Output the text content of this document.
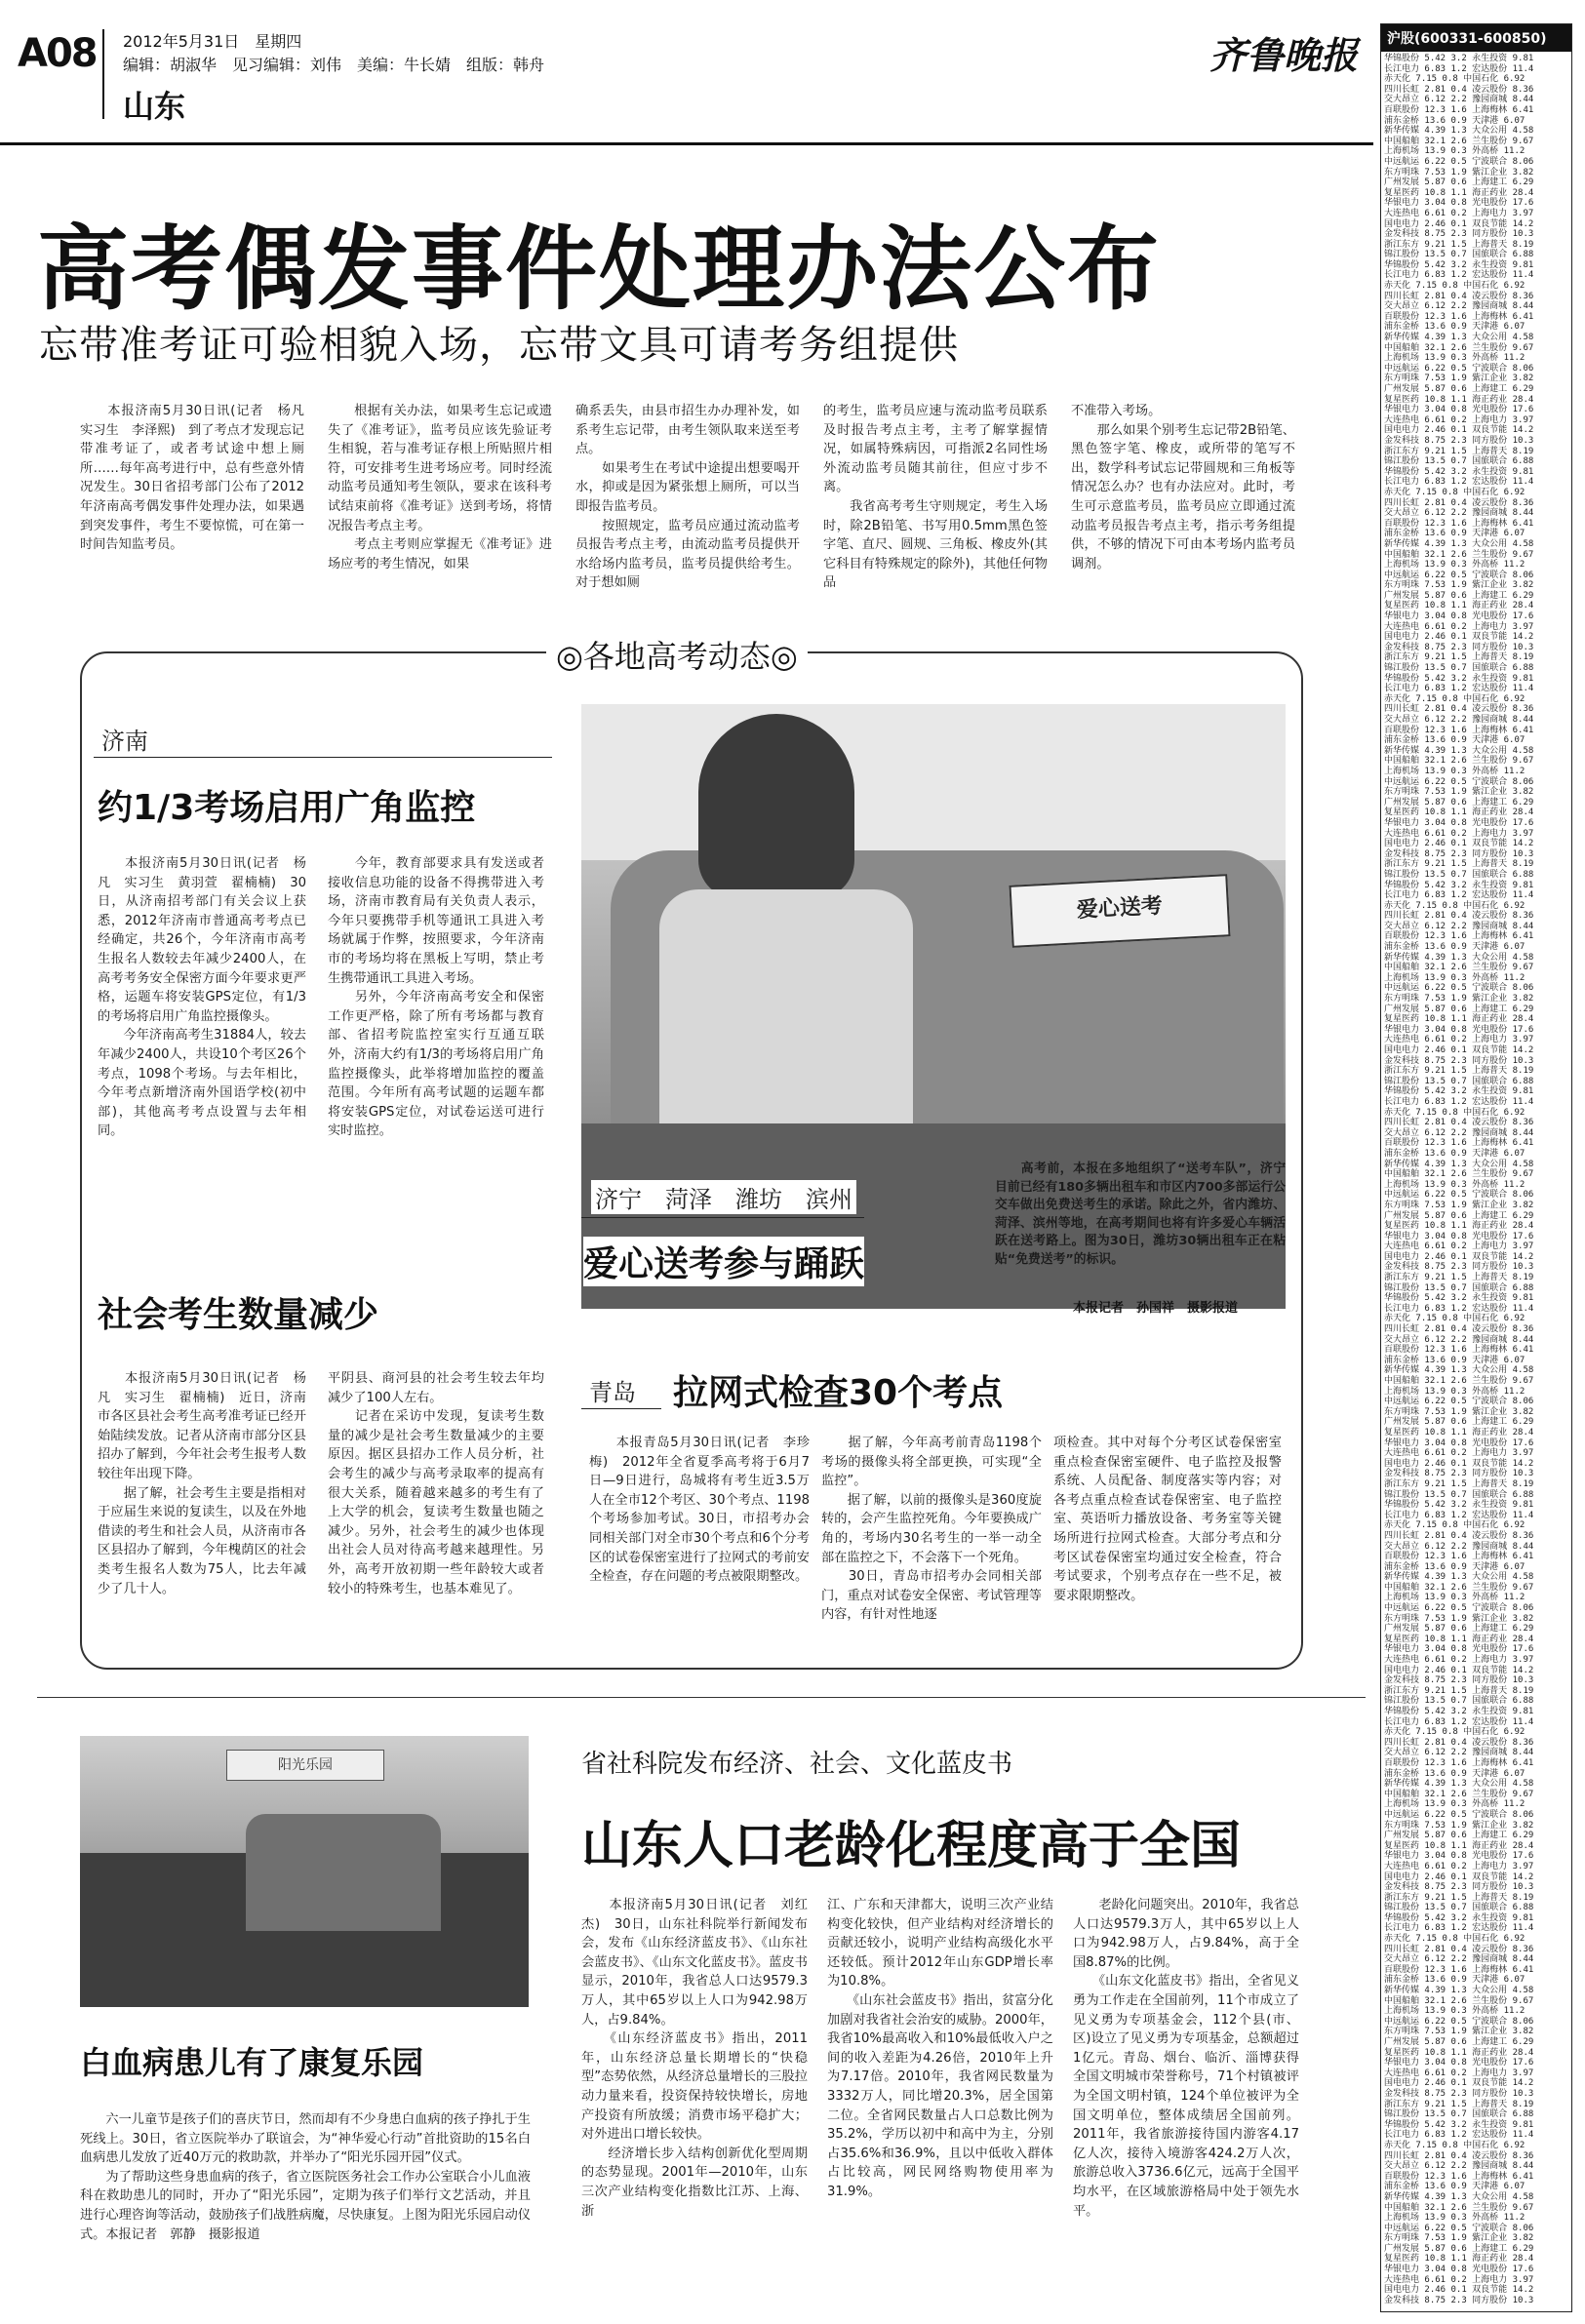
A08 2012年5月31日　星期四
编辑：胡淑华　见习编辑：刘伟　美编：牛长婧　组版：韩舟
山东
齐鲁晚报	沪股(600331-600850)
华锦股份 5.42 3.2 永生投资 9.81
长江电力 6.83 1.2 宏达股份 11.4
赤天化 7.15 0.8 中国石化 6.92
四川长虹 2.81 0.4 凌云股份 8.36
交大昂立 6.12 2.2 豫园商城 8.44
百联股份 12.3 1.6 上海梅林 6.41
浦东金桥 13.6 0.9 天津港 6.07
新华传媒 4.39 1.3 大众公用 4.58
中国船舶 32.1 2.6 兰生股份 9.67
上海机场 13.9 0.3 外高桥 11.2
中远航运 6.22 0.5 宁波联合 8.06
东方明珠 7.53 1.9 紫江企业 3.82
广州发展 5.87 0.6 上海建工 6.29
复星医药 10.8 1.1 海正药业 28.4
华银电力 3.04 0.8 光电股份 17.6
大连热电 6.61 0.2 上海电力 3.97
国电电力 2.46 0.1 双良节能 14.2
金发科技 8.75 2.3 同方股份 10.3
浙江东方 9.21 1.5 上海普天 8.19
锦江股份 13.5 0.7 国旅联合 6.88
华锦股份 5.42 3.2 永生投资 9.81
长江电力 6.83 1.2 宏达股份 11.4
赤天化 7.15 0.8 中国石化 6.92
四川长虹 2.81 0.4 凌云股份 8.36
交大昂立 6.12 2.2 豫园商城 8.44
百联股份 12.3 1.6 上海梅林 6.41
浦东金桥 13.6 0.9 天津港 6.07
新华传媒 4.39 1.3 大众公用 4.58
中国船舶 32.1 2.6 兰生股份 9.67
上海机场 13.9 0.3 外高桥 11.2
中远航运 6.22 0.5 宁波联合 8.06
东方明珠 7.53 1.9 紫江企业 3.82
广州发展 5.87 0.6 上海建工 6.29
复星医药 10.8 1.1 海正药业 28.4
华银电力 3.04 0.8 光电股份 17.6
大连热电 6.61 0.2 上海电力 3.97
国电电力 2.46 0.1 双良节能 14.2
金发科技 8.75 2.3 同方股份 10.3
浙江东方 9.21 1.5 上海普天 8.19
锦江股份 13.5 0.7 国旅联合 6.88
华锦股份 5.42 3.2 永生投资 9.81
长江电力 6.83 1.2 宏达股份 11.4
赤天化 7.15 0.8 中国石化 6.92
四川长虹 2.81 0.4 凌云股份 8.36
交大昂立 6.12 2.2 豫园商城 8.44
百联股份 12.3 1.6 上海梅林 6.41
浦东金桥 13.6 0.9 天津港 6.07
新华传媒 4.39 1.3 大众公用 4.58
中国船舶 32.1 2.6 兰生股份 9.67
上海机场 13.9 0.3 外高桥 11.2
中远航运 6.22 0.5 宁波联合 8.06
东方明珠 7.53 1.9 紫江企业 3.82
广州发展 5.87 0.6 上海建工 6.29
复星医药 10.8 1.1 海正药业 28.4
华银电力 3.04 0.8 光电股份 17.6
大连热电 6.61 0.2 上海电力 3.97
国电电力 2.46 0.1 双良节能 14.2
金发科技 8.75 2.3 同方股份 10.3
浙江东方 9.21 1.5 上海普天 8.19
锦江股份 13.5 0.7 国旅联合 6.88
华锦股份 5.42 3.2 永生投资 9.81
长江电力 6.83 1.2 宏达股份 11.4
赤天化 7.15 0.8 中国石化 6.92
四川长虹 2.81 0.4 凌云股份 8.36
交大昂立 6.12 2.2 豫园商城 8.44
百联股份 12.3 1.6 上海梅林 6.41
浦东金桥 13.6 0.9 天津港 6.07
新华传媒 4.39 1.3 大众公用 4.58
中国船舶 32.1 2.6 兰生股份 9.67
上海机场 13.9 0.3 外高桥 11.2
中远航运 6.22 0.5 宁波联合 8.06
东方明珠 7.53 1.9 紫江企业 3.82
广州发展 5.87 0.6 上海建工 6.29
复星医药 10.8 1.1 海正药业 28.4
华银电力 3.04 0.8 光电股份 17.6
大连热电 6.61 0.2 上海电力 3.97
国电电力 2.46 0.1 双良节能 14.2
金发科技 8.75 2.3 同方股份 10.3
浙江东方 9.21 1.5 上海普天 8.19
锦江股份 13.5 0.7 国旅联合 6.88
华锦股份 5.42 3.2 永生投资 9.81
长江电力 6.83 1.2 宏达股份 11.4
赤天化 7.15 0.8 中国石化 6.92
四川长虹 2.81 0.4 凌云股份 8.36
交大昂立 6.12 2.2 豫园商城 8.44
百联股份 12.3 1.6 上海梅林 6.41
浦东金桥 13.6 0.9 天津港 6.07
新华传媒 4.39 1.3 大众公用 4.58
中国船舶 32.1 2.6 兰生股份 9.67
上海机场 13.9 0.3 外高桥 11.2
中远航运 6.22 0.5 宁波联合 8.06
东方明珠 7.53 1.9 紫江企业 3.82
广州发展 5.87 0.6 上海建工 6.29
复星医药 10.8 1.1 海正药业 28.4
华银电力 3.04 0.8 光电股份 17.6
大连热电 6.61 0.2 上海电力 3.97
国电电力 2.46 0.1 双良节能 14.2
金发科技 8.75 2.3 同方股份 10.3
浙江东方 9.21 1.5 上海普天 8.19
锦江股份 13.5 0.7 国旅联合 6.88
华锦股份 5.42 3.2 永生投资 9.81
长江电力 6.83 1.2 宏达股份 11.4
赤天化 7.15 0.8 中国石化 6.92
四川长虹 2.81 0.4 凌云股份 8.36
交大昂立 6.12 2.2 豫园商城 8.44
百联股份 12.3 1.6 上海梅林 6.41
浦东金桥 13.6 0.9 天津港 6.07
新华传媒 4.39 1.3 大众公用 4.58
中国船舶 32.1 2.6 兰生股份 9.67
上海机场 13.9 0.3 外高桥 11.2
中远航运 6.22 0.5 宁波联合 8.06
东方明珠 7.53 1.9 紫江企业 3.82
广州发展 5.87 0.6 上海建工 6.29
复星医药 10.8 1.1 海正药业 28.4
华银电力 3.04 0.8 光电股份 17.6
大连热电 6.61 0.2 上海电力 3.97
国电电力 2.46 0.1 双良节能 14.2
金发科技 8.75 2.3 同方股份 10.3
浙江东方 9.21 1.5 上海普天 8.19
锦江股份 13.5 0.7 国旅联合 6.88
华锦股份 5.42 3.2 永生投资 9.81
长江电力 6.83 1.2 宏达股份 11.4
赤天化 7.15 0.8 中国石化 6.92
四川长虹 2.81 0.4 凌云股份 8.36
交大昂立 6.12 2.2 豫园商城 8.44
百联股份 12.3 1.6 上海梅林 6.41
浦东金桥 13.6 0.9 天津港 6.07
新华传媒 4.39 1.3 大众公用 4.58
中国船舶 32.1 2.6 兰生股份 9.67
上海机场 13.9 0.3 外高桥 11.2
中远航运 6.22 0.5 宁波联合 8.06
东方明珠 7.53 1.9 紫江企业 3.82
广州发展 5.87 0.6 上海建工 6.29
复星医药 10.8 1.1 海正药业 28.4
华银电力 3.04 0.8 光电股份 17.6
大连热电 6.61 0.2 上海电力 3.97
国电电力 2.46 0.1 双良节能 14.2
金发科技 8.75 2.3 同方股份 10.3
浙江东方 9.21 1.5 上海普天 8.19
锦江股份 13.5 0.7 国旅联合 6.88
华锦股份 5.42 3.2 永生投资 9.81
长江电力 6.83 1.2 宏达股份 11.4
赤天化 7.15 0.8 中国石化 6.92
四川长虹 2.81 0.4 凌云股份 8.36
交大昂立 6.12 2.2 豫园商城 8.44
百联股份 12.3 1.6 上海梅林 6.41
浦东金桥 13.6 0.9 天津港 6.07
新华传媒 4.39 1.3 大众公用 4.58
中国船舶 32.1 2.6 兰生股份 9.67
上海机场 13.9 0.3 外高桥 11.2
中远航运 6.22 0.5 宁波联合 8.06
东方明珠 7.53 1.9 紫江企业 3.82
广州发展 5.87 0.6 上海建工 6.29
复星医药 10.8 1.1 海正药业 28.4
华银电力 3.04 0.8 光电股份 17.6
大连热电 6.61 0.2 上海电力 3.97
国电电力 2.46 0.1 双良节能 14.2
金发科技 8.75 2.3 同方股份 10.3
浙江东方 9.21 1.5 上海普天 8.19
锦江股份 13.5 0.7 国旅联合 6.88
华锦股份 5.42 3.2 永生投资 9.81
长江电力 6.83 1.2 宏达股份 11.4
赤天化 7.15 0.8 中国石化 6.92
四川长虹 2.81 0.4 凌云股份 8.36
交大昂立 6.12 2.2 豫园商城 8.44
百联股份 12.3 1.6 上海梅林 6.41
浦东金桥 13.6 0.9 天津港 6.07
新华传媒 4.39 1.3 大众公用 4.58
中国船舶 32.1 2.6 兰生股份 9.67
上海机场 13.9 0.3 外高桥 11.2
中远航运 6.22 0.5 宁波联合 8.06
东方明珠 7.53 1.9 紫江企业 3.82
广州发展 5.87 0.6 上海建工 6.29
复星医药 10.8 1.1 海正药业 28.4
华银电力 3.04 0.8 光电股份 17.6
大连热电 6.61 0.2 上海电力 3.97
国电电力 2.46 0.1 双良节能 14.2
金发科技 8.75 2.3 同方股份 10.3
浙江东方 9.21 1.5 上海普天 8.19
锦江股份 13.5 0.7 国旅联合 6.88
华锦股份 5.42 3.2 永生投资 9.81
长江电力 6.83 1.2 宏达股份 11.4
赤天化 7.15 0.8 中国石化 6.92
四川长虹 2.81 0.4 凌云股份 8.36
交大昂立 6.12 2.2 豫园商城 8.44
百联股份 12.3 1.6 上海梅林 6.41
浦东金桥 13.6 0.9 天津港 6.07
新华传媒 4.39 1.3 大众公用 4.58
中国船舶 32.1 2.6 兰生股份 9.67
上海机场 13.9 0.3 外高桥 11.2
中远航运 6.22 0.5 宁波联合 8.06
东方明珠 7.53 1.9 紫江企业 3.82
广州发展 5.87 0.6 上海建工 6.29
复星医药 10.8 1.1 海正药业 28.4
华银电力 3.04 0.8 光电股份 17.6
大连热电 6.61 0.2 上海电力 3.97
国电电力 2.46 0.1 双良节能 14.2
金发科技 8.75 2.3 同方股份 10.3
浙江东方 9.21 1.5 上海普天 8.19
锦江股份 13.5 0.7 国旅联合 6.88
华锦股份 5.42 3.2 永生投资 9.81
长江电力 6.83 1.2 宏达股份 11.4
赤天化 7.15 0.8 中国石化 6.92
四川长虹 2.81 0.4 凌云股份 8.36
交大昂立 6.12 2.2 豫园商城 8.44
百联股份 12.3 1.6 上海梅林 6.41
浦东金桥 13.6 0.9 天津港 6.07
新华传媒 4.39 1.3 大众公用 4.58
中国船舶 32.1 2.6 兰生股份 9.67
上海机场 13.9 0.3 外高桥 11.2
中远航运 6.22 0.5 宁波联合 8.06
东方明珠 7.53 1.9 紫江企业 3.82
广州发展 5.87 0.6 上海建工 6.29
复星医药 10.8 1.1 海正药业 28.4
华银电力 3.04 0.8 光电股份 17.6
大连热电 6.61 0.2 上海电力 3.97
国电电力 2.46 0.1 双良节能 14.2
金发科技 8.75 2.3 同方股份 10.3
高考偶发事件处理办法公布
忘带准考证可验相貌入场，忘带文具可请考务组提供
　　本报济南5月30日讯(记者　杨凡　实习生　李泽熙)　到了考点才发现忘记带准考证了，或者考试途中想上厕所……每年高考进行中，总有些意外情况发生。30日省招考部门公布了2012年济南高考偶发事件处理办法，如果遇到突发事件，考生不要惊慌，可在第一时间告知监考员。
　　根据有关办法，如果考生忘记或遗失了《准考证》，监考员应该先验证考生相貌，若与准考证存根上所贴照片相符，可安排考生进考场应考。同时经流动监考员通知考生领队，要求在该科考试结束前将《准考证》送到考场，将情况报告考点主考。
　　考点主考则应掌握无《准考证》进场应考的考生情况，如果
确系丢失，由县市招生办办理补发，如系考生忘记带，由考生领队取来送至考点。
　　如果考生在考试中途提出想要喝开水，抑或是因为紧张想上厕所，可以当即报告监考员。
　　按照规定，监考员应通过流动监考员报告考点主考，由流动监考员提供开水给场内监考员，监考员提供给考生。对于想如厕
的考生，监考员应速与流动监考员联系及时报告考点主考，主考了解掌握情况，如属特殊病因，可指派2名同性场外流动监考员随其前往，但应寸步不离。
　　我省高考考生守则规定，考生入场时，除2B铅笔、书写用0.5mm黑色签字笔、直尺、圆规、三角板、橡皮外(其它科目有特殊规定的除外)，其他任何物品
不准带入考场。
　　那么如果个别考生忘记带2B铅笔、黑色签字笔、橡皮，或所带的笔写不出，数学科考试忘记带圆规和三角板等情况怎么办？也有办法应对。此时，考生可示意监考员，监考员应立即通过流动监考员报告考点主考，指示考务组提供，不够的情况下可由本考场内监考员调剂。
◎各地高考动态◎
济南
约1/3考场启用广角监控
　　本报济南5月30日讯(记者　杨凡　实习生　黄羽萱　翟楠楠)　30日，从济南招考部门有关会议上获悉，2012年济南市普通高考考点已经确定，共26个，今年济南市高考生报名人数较去年减少2400人，在高考考务安全保密方面今年要求更严格，运题车将安装GPS定位，有1/3的考场将启用广角监控摄像头。
　　今年济南高考生31884人，较去年减少2400人，共设10个考区26个考点，1098个考场。与去年相比，今年考点新增济南外国语学校(初中部)，其他高考考点设置与去年相同。
　　今年，教育部要求具有发送或者接收信息功能的设备不得携带进入考场，济南市教育局有关负责人表示，今年只要携带手机等通讯工具进入考场就属于作弊，按照要求，今年济南市的考场均将在黑板上写明，禁止考生携带通讯工具进入考场。
　　另外，今年济南高考安全和保密工作更严格，除了所有考场都与教育部、省招考院监控室实行互通互联外，济南大约有1/3的考场将启用广角监控摄像头，此举将增加监控的覆盖范围。今年所有高考试题的运题车都将安装GPS定位，对试卷运送可进行实时监控。
社会考生数量减少
　　本报济南5月30日讯(记者　杨凡　实习生　翟楠楠)　近日，济南市各区县社会考生高考准考证已经开始陆续发放。记者从济南市部分区县招办了解到，今年社会考生报考人数较往年出现下降。
　　据了解，社会考生主要是指相对于应届生来说的复读生，以及在外地借读的考生和社会人员，从济南市各区县招办了解到，今年槐荫区的社会类考生报名人数为75人，比去年减少了几十人。
平阴县、商河县的社会考生较去年均减少了100人左右。
　　记者在采访中发现，复读考生数量的减少是社会考生数量减少的主要原因。据区县招办工作人员分析，社会考生的减少与高考录取率的提高有很大关系，随着越来越多的考生有了上大学的机会，复读考生数量也随之减少。另外，社会考生的减少也体现出社会人员对待高考越来越理性。另外，高考开放初期一些年龄较大或者较小的特殊考生，也基本难见了。
爱心送考
济宁　菏泽　潍坊　滨州
爱心送考参与踊跃
　　高考前，本报在多地组织了“送考车队”，济宁目前已经有180多辆出租车和市区内700多部运行公交车做出免费送考生的承诺。除此之外，省内潍坊、菏泽、滨州等地，在高考期间也将有许多爱心车辆活跃在送考路上。图为30日，潍坊30辆出租车正在粘贴“免费送考”的标识。
本报记者　孙国祥　摄影报道
青岛 拉网式检查30个考点
　　本报青岛5月30日讯(记者　李珍梅)　2012年全省夏季高考将于6月7日—9日进行，岛城将有考生近3.5万人在全市12个考区、30个考点、1198个考场参加考试。30日，市招考办会同相关部门对全市30个考点和6个分考区的试卷保密室进行了拉网式的考前安全检查，存在问题的考点被限期整改。
　　据了解，今年高考前青岛1198个考场的摄像头将全部更换，可实现“全监控”。
　　据了解，以前的摄像头是360度旋转的，会产生监控死角。今年要换成广角的，考场内30名考生的一举一动全部在监控之下，不会落下一个死角。
　　30日，青岛市招考办会同相关部门，重点对试卷安全保密、考试管理等内容，有针对性地逐
项检查。其中对每个分考区试卷保密室重点检查保密室硬件、电子监控及报警系统、人员配备、制度落实等内容；对各考点重点检查试卷保密室、电子监控室、英语听力播放设备、考务室等关键场所进行拉网式检查。大部分考点和分考区试卷保密室均通过安全检查，符合考试要求，个别考点存在一些不足，被要求限期整改。
阳光乐园
白血病患儿有了康复乐园
　　六一儿童节是孩子们的喜庆节日，然而却有不少身患白血病的孩子挣扎于生死线上。30日，省立医院举办了联谊会，为“神华爱心行动”首批资助的15名白血病患儿发放了近40万元的救助款，并举办了“阳光乐园开园”仪式。
　　为了帮助这些身患血病的孩子，省立医院医务社会工作办公室联合小儿血液科在救助患儿的同时，开办了“阳光乐园”，定期为孩子们举行文艺活动，并且进行心理咨询等活动，鼓励孩子们战胜病魔，尽快康复。上图为阳光乐园启动仪式。本报记者　郭静　摄影报道
省社科院发布经济、社会、文化蓝皮书
山东人口老龄化程度高于全国
　　本报济南5月30日讯(记者　刘红杰)　30日，山东社科院举行新闻发布会，发布《山东经济蓝皮书》、《山东社会蓝皮书》、《山东文化蓝皮书》。蓝皮书显示，2010年，我省总人口达9579.3万人，其中65岁以上人口为942.98万人，占9.84%。
　　《山东经济蓝皮书》指出，2011年，山东经济总量长期增长的“快稳型”态势依然，从经济总量增长的三股拉动力量来看，投资保持较快增长，房地产投资有所放缓；消费市场平稳扩大；对外进出口增长较快。
　　经济增长步入结构创新优化型周期的态势显现。2001年—2010年，山东三次产业结构变化指数比江苏、上海、浙
江、广东和天津都大，说明三次产业结构变化较快，但产业结构对经济增长的贡献还较小，说明产业结构高级化水平还较低。预计2012年山东GDP增长率为10.8%。
　　《山东社会蓝皮书》指出，贫富分化加剧对我省社会治安的威胁。2000年，我省10%最高收入和10%最低收入户之间的收入差距为4.26倍，2010年上升为7.17倍。2010年，我省网民数量为3332万人，同比增20.3%，居全国第二位。全省网民数量占人口总数比例为35.2%，学历以初中和高中为主，分别占35.6%和36.9%，且以中低收入群体占比较高，网民网络购物使用率为31.9%。
　　老龄化问题突出。2010年，我省总人口达9579.3万人，其中65岁以上人口为942.98万人，占9.84%，高于全国8.87%的比例。
　　《山东文化蓝皮书》指出，全省见义勇为工作走在全国前列，11个市成立了见义勇为专项基金会，112个县(市、区)设立了见义勇为专项基金，总额超过1亿元。青岛、烟台、临沂、淄博获得全国文明城市荣誉称号，71个村镇被评为全国文明村镇，124个单位被评为全国文明单位，整体成绩居全国前列。2011年，我省旅游接待国内游客4.17亿人次，接待入境游客424.2万人次，旅游总收入3736.6亿元，远高于全国平均水平，在区域旅游格局中处于领先水平。
